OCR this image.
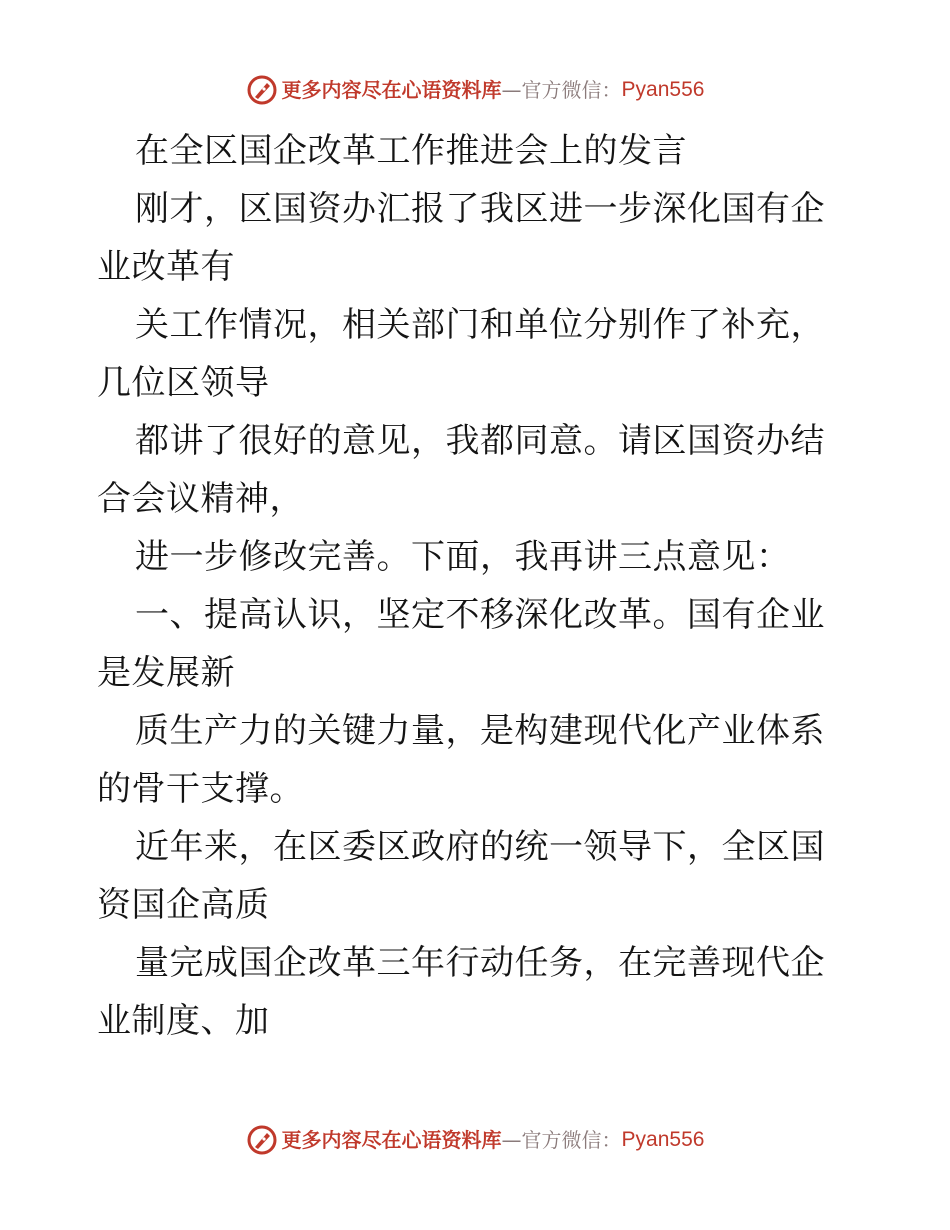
更多内容尽在心语资料库 — 官方微信： Pyan556

在全区国企改革工作推进会上的发言

刚才，区国资办汇报了我区进一步深化国有企业改革有

关工作情况，相关部门和单位分别作了补充，几位区领导

都讲了很好的意见，我都同意。请区国资办结合会议精神，

进一步修改完善。下面，我再讲三点意见：

一、提高认识，坚定不移深化改革。国有企业是发展新

质生产力的关键力量，是构建现代化产业体系的骨干支撑。

近年来，在区委区政府的统一领导下，全区国资国企高质

量完成国企改革三年行动任务，在完善现代企业制度、加

更多内容尽在心语资料库 — 官方微信： Pyan556
